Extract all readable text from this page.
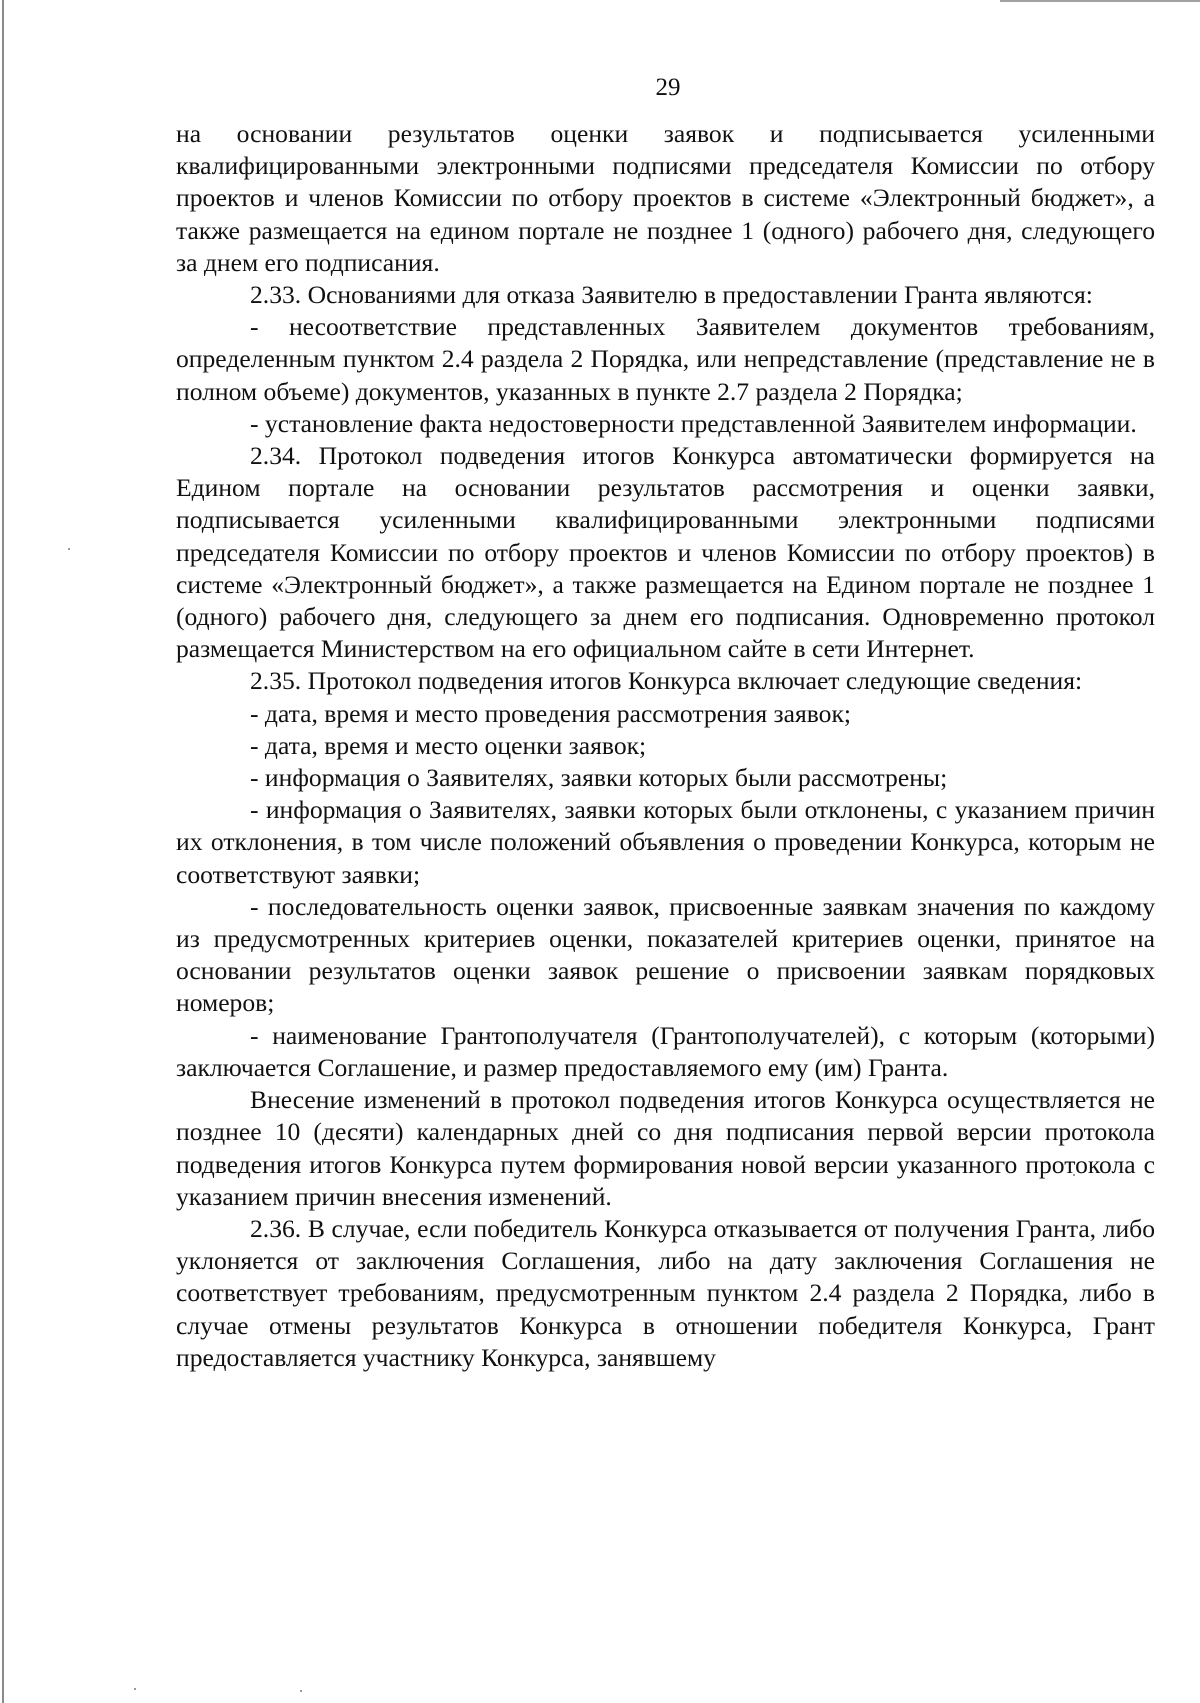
29

на основании результатов оценки заявок и подписывается усиленными квалифицированными электронными подписями председателя Комиссии по отбору проектов и членов Комиссии по отбору проектов в системе «Электронный бюджет», а также размещается на едином портале не позднее 1 (одного) рабочего дня, следующего за днем его подписания.

2.33. Основаниями для отказа Заявителю в предоставлении Гранта являются:

- несоответствие представленных Заявителем документов требованиям, определенным пунктом 2.4 раздела 2 Порядка, или непредставление (представление не в полном объеме) документов, указанных в пункте 2.7 раздела 2 Порядка;

- установление факта недостоверности представленной Заявителем информации.

2.34. Протокол подведения итогов Конкурса автоматически формируется на Едином портале на основании результатов рассмотрения и оценки заявки, подписывается усиленными квалифицированными электронными подписями председателя Комиссии по отбору проектов и членов Комиссии по отбору проектов) в системе «Электронный бюджет», а также размещается на Едином портале не позднее 1 (одного) рабочего дня, следующего за днем его подписания. Одновременно протокол размещается Министерством на его официальном сайте в сети Интернет.

2.35. Протокол подведения итогов Конкурса включает следующие сведения:

- дата, время и место проведения рассмотрения заявок;

- дата, время и место оценки заявок;

- информация о Заявителях, заявки которых были рассмотрены;

- информация о Заявителях, заявки которых были отклонены, с указанием причин их отклонения, в том числе положений объявления о проведении Конкурса, которым не соответствуют заявки;

- последовательность оценки заявок, присвоенные заявкам значения по каждому из предусмотренных критериев оценки, показателей критериев оценки, принятое на основании результатов оценки заявок решение о присвоении заявкам порядковых номеров;

- наименование Грантополучателя (Грантополучателей), с которым (которыми) заключается Соглашение, и размер предоставляемого ему (им) Гранта.

Внесение изменений в протокол подведения итогов Конкурса осуществляется не позднее 10 (десяти) календарных дней со дня подписания первой версии протокола подведения итогов Конкурса путем формирования новой версии указанного протокола с указанием причин внесения изменений.

2.36. В случае, если победитель Конкурса отказывается от получения Гранта, либо уклоняется от заключения Соглашения, либо на дату заключения Соглашения не соответствует требованиям, предусмотренным пунктом 2.4 раздела 2 Порядка, либо в случае отмены результатов Конкурса в отношении победителя Конкурса, Грант предоставляется участнику Конкурса, занявшему
